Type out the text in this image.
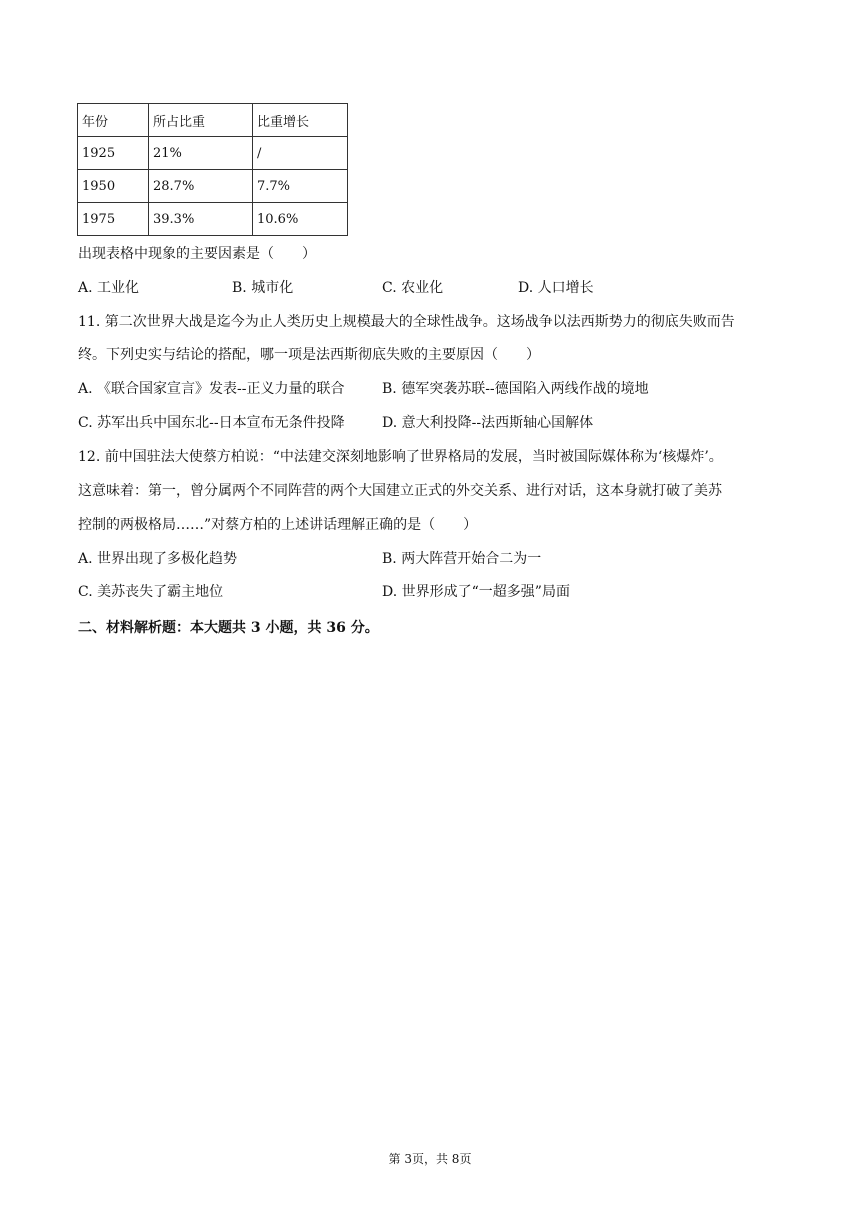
年份	所占比重	比重增长
1925	21%	/
1950	28.7%	7.7%
1975	39.3%	10.6%
出现表格中现象的主要因素是（　　）
A. 工业化	B. 城市化	C. 农业化	D. 人口增长
11. 第二次世界大战是迄今为止人类历史上规模最大的全球性战争。这场战争以法西斯势力的彻底失败而告
终。下列史实与结论的搭配，哪一项是法西斯彻底失败的主要原因（　　）
A. 《联合国家宣言》发表--正义力量的联合	B. 德军突袭苏联--德国陷入两线作战的境地
C. 苏军出兵中国东北--日本宣布无条件投降	D. 意大利投降--法西斯轴心国解体
12. 前中国驻法大使蔡方柏说：“中法建交深刻地影响了世界格局的发展，当时被国际媒体称为‘核爆炸’。
这意味着：第一，曾分属两个不同阵营的两个大国建立正式的外交关系、进行对话，这本身就打破了美苏
控制的两极格局……”对蔡方柏的上述讲话理解正确的是（　　）
A. 世界出现了多极化趋势	B. 两大阵营开始合二为一
C. 美苏丧失了霸主地位	D. 世界形成了“一超多强”局面
二、材料解析题：本大题共 3 小题，共 36 分。
第 3页，共 8页
